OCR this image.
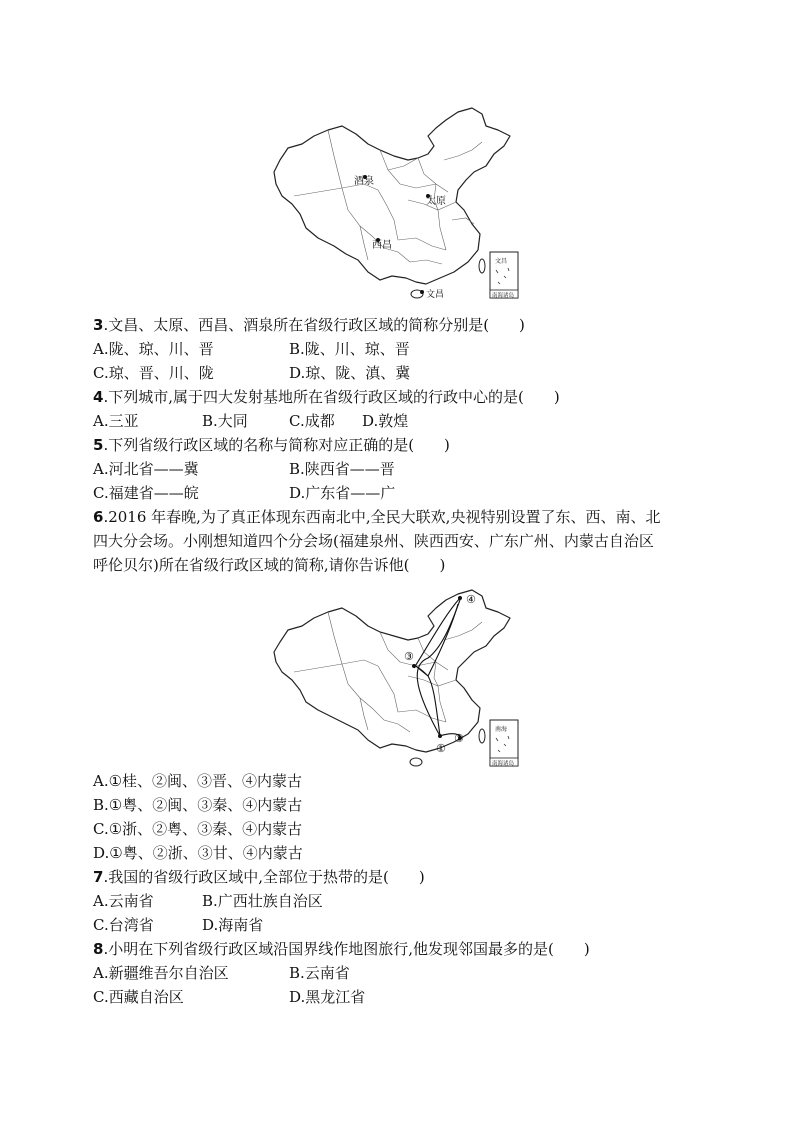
酒泉
太原
西昌
文昌
文昌
南海诸岛
3.文昌、太原、西昌、酒泉所在省级行政区域的简称分别是(　　)
A.陇、琼、川、晋	B.陇、川、琼、晋
C.琼、晋、川、陇	D.琼、陇、滇、冀
4.下列城市,属于四大发射基地所在省级行政区域的行政中心的是(　　)
A.三亚	B.大同	C.成都 D.敦煌
5.下列省级行政区域的名称与简称对应正确的是(　　)
A.河北省——冀	B.陕西省——晋
C.福建省——皖	D.广东省——广
6.2016 年春晚,为了真正体现东西南北中,全民大联欢,央视特别设置了东、西、南、北
四大分会场。小刚想知道四个分会场(福建泉州、陕西西安、广东广州、内蒙古自治区
呼伦贝尔)所在省级行政区域的简称,请你告诉他(　　)
①
②
③
④
南海
南海诸岛
A.①桂、②闽、③晋、④内蒙古
B.①粤、②闽、③秦、④内蒙古
C.①浙、②粤、③秦、④内蒙古
D.①粤、②浙、③甘、④内蒙古
7.我国的省级行政区域中,全部位于热带的是(　　)
A.云南省	B.广西壮族自治区
C.台湾省	D.海南省
8.小明在下列省级行政区域沿国界线作地图旅行,他发现邻国最多的是(　　)
A.新疆维吾尔自治区	B.云南省
C.西藏自治区	D.黑龙江省
